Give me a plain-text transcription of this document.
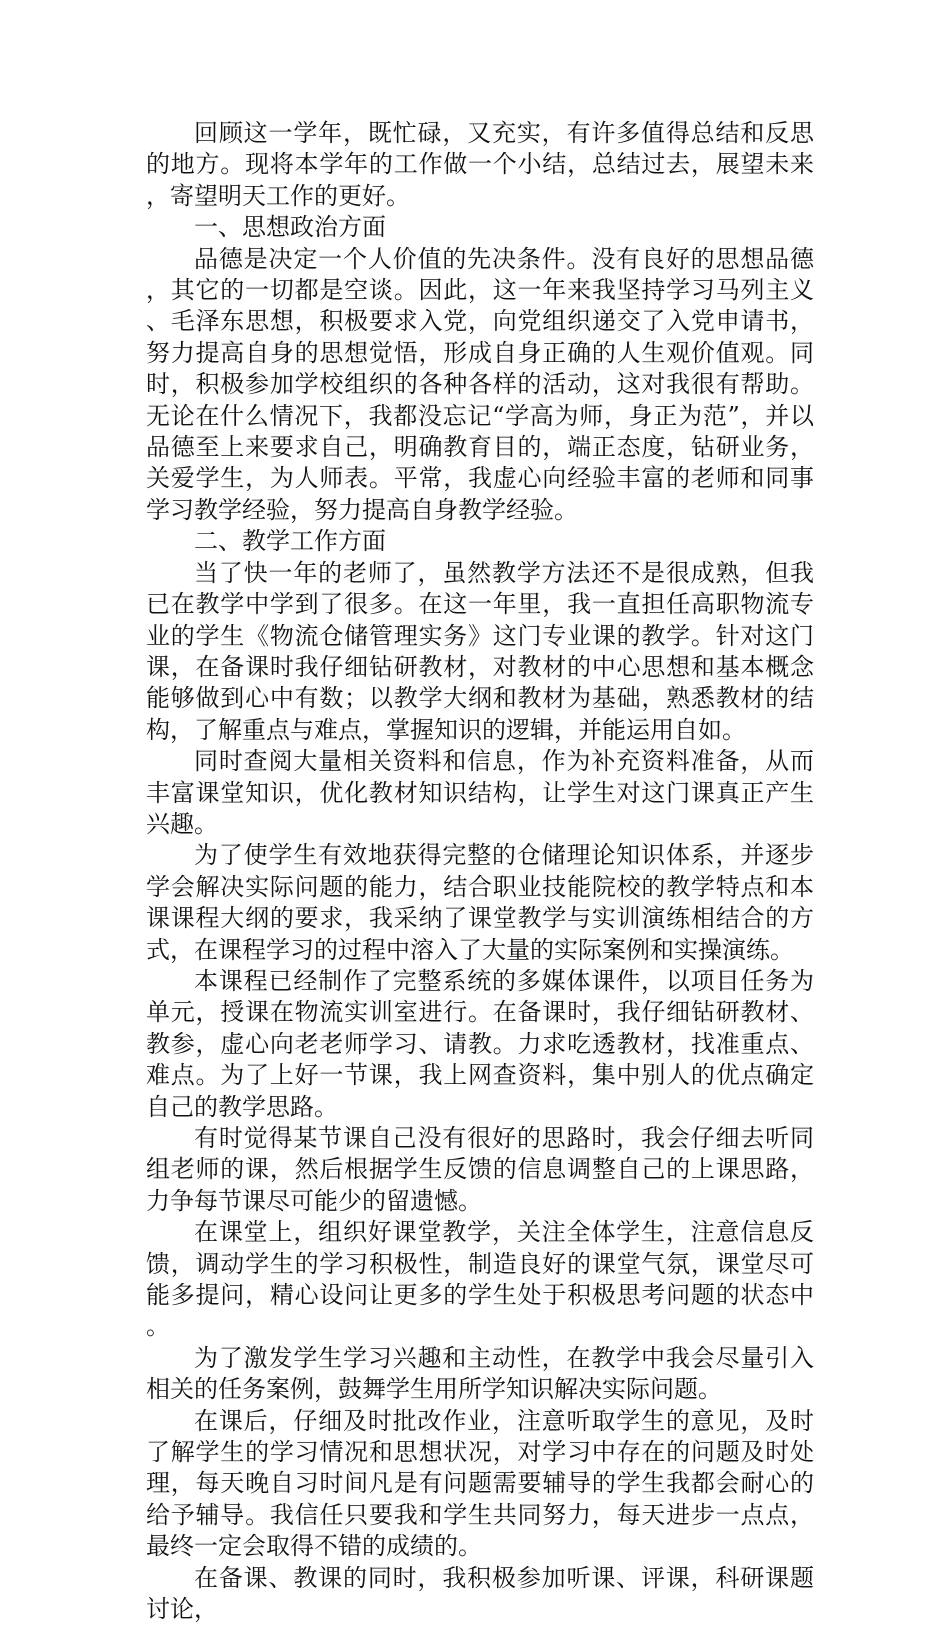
回顾这一学年，既忙碌，又充实，有许多值得总结和反思的地方。现将本学年的工作做一个小结，总结过去，展望未来，寄望明天工作的更好。

一、思想政治方面

品德是决定一个人价值的先决条件。没有良好的思想品德，其它的一切都是空谈。因此，这一年来我坚持学习马列主义、毛泽东思想，积极要求入党，向党组织递交了入党申请书，努力提高自身的思想觉悟，形成自身正确的人生观价值观。同时，积极参加学校组织的各种各样的活动，这对我很有帮助。无论在什么情况下，我都没忘记“学高为师，身正为范”，并以品德至上来要求自己，明确教育目的，端正态度，钻研业务，关爱学生，为人师表。平常，我虚心向经验丰富的老师和同事学习教学经验，努力提高自身教学经验。

二、教学工作方面

当了快一年的老师了，虽然教学方法还不是很成熟，但我已在教学中学到了很多。在这一年里，我一直担任高职物流专业的学生《物流仓储管理实务》这门专业课的教学。针对这门课，在备课时我仔细钻研教材，对教材的中心思想和基本概念能够做到心中有数；以教学大纲和教材为基础，熟悉教材的结构，了解重点与难点，掌握知识的逻辑，并能运用自如。

同时查阅大量相关资料和信息，作为补充资料准备，从而丰富课堂知识，优化教材知识结构，让学生对这门课真正产生兴趣。

为了使学生有效地获得完整的仓储理论知识体系，并逐步学会解决实际问题的能力，结合职业技能院校的教学特点和本课课程大纲的要求，我采纳了课堂教学与实训演练相结合的方式，在课程学习的过程中溶入了大量的实际案例和实操演练。

本课程已经制作了完整系统的多媒体课件，以项目任务为单元，授课在物流实训室进行。在备课时，我仔细钻研教材、教参，虚心向老老师学习、请教。力求吃透教材，找准重点、难点。为了上好一节课，我上网查资料，集中别人的优点确定自己的教学思路。

有时觉得某节课自己没有很好的思路时，我会仔细去听同组老师的课，然后根据学生反馈的信息调整自己的上课思路，力争每节课尽可能少的留遗憾。

在课堂上，组织好课堂教学，关注全体学生，注意信息反馈，调动学生的学习积极性，制造良好的课堂气氛，课堂尽可能多提问，精心设问让更多的学生处于积极思考问题的状态中。

为了激发学生学习兴趣和主动性，在教学中我会尽量引入相关的任务案例，鼓舞学生用所学知识解决实际问题。

在课后，仔细及时批改作业，注意听取学生的意见，及时了解学生的学习情况和思想状况，对学习中存在的问题及时处理，每天晚自习时间凡是有问题需要辅导的学生我都会耐心的给予辅导。我信任只要我和学生共同努力，每天进步一点点，最终一定会取得不错的成绩的。

在备课、教课的同时，我积极参加听课、评课，科研课题讨论，
